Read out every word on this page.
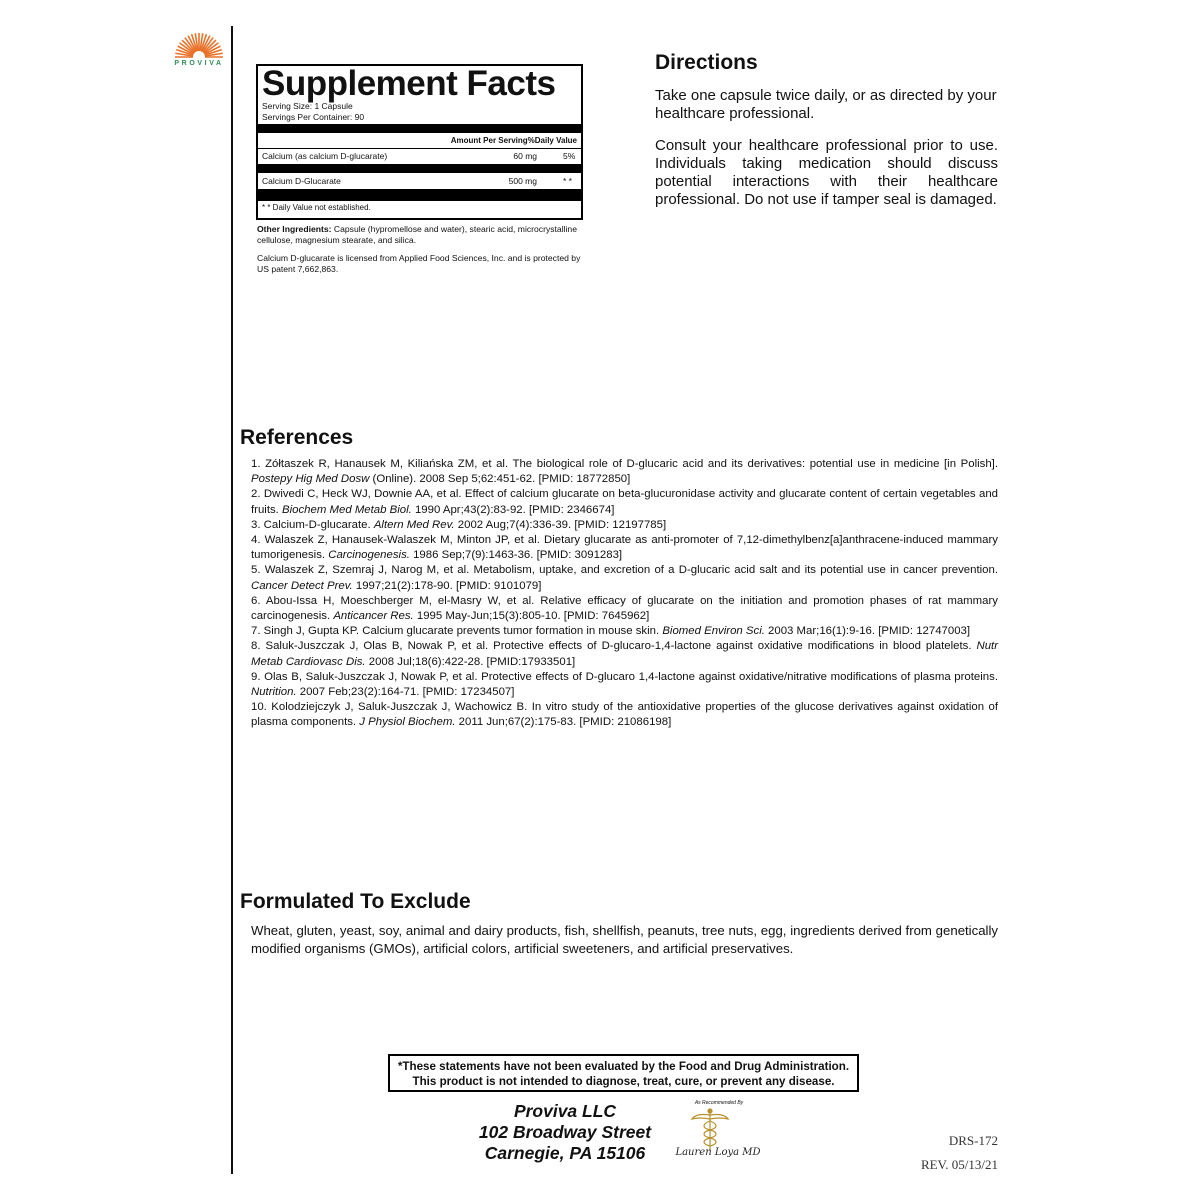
PROVIVA
Supplement Facts
Serving Size: 1 Capsule
Servings Per Container: 90
Amount Per Serving %Daily Value
Calcium (as calcium D-glucarate)	60 mg	5%
Calcium D-Glucarate	500 mg	* *
* * Daily Value not established.
Other Ingredients: Capsule (hypromellose and water), stearic acid, microcrystalline cellulose, magnesium stearate, and silica.
Calcium D-glucarate is licensed from Applied Food Sciences, Inc. and is protected by US patent 7,662,863.
Directions
Take one capsule twice daily, or as directed by your healthcare professional.
Consult your healthcare professional prior to use. Individuals taking medication should discuss potential interactions with their healthcare professional. Do not use if tamper seal is damaged.
References
1. Zółtaszek R, Hanausek M, Kiliańska ZM, et al. The biological role of D-glucaric acid and its derivatives: potential use in medicine [in Polish]. Postepy Hig Med Dosw (Online). 2008 Sep 5;62:451-62. [PMID: 18772850]
2. Dwivedi C, Heck WJ, Downie AA, et al. Effect of calcium glucarate on beta-glucuronidase activity and glucarate content of certain vegetables and fruits. Biochem Med Metab Biol. 1990 Apr;43(2):83-92. [PMID: 2346674]
3. Calcium-D-glucarate. Altern Med Rev. 2002 Aug;7(4):336-39. [PMID: 12197785]
4. Walaszek Z, Hanausek-Walaszek M, Minton JP, et al. Dietary glucarate as anti-promoter of 7,12-dimethylbenz[a]anthracene-induced mammary tumorigenesis. Carcinogenesis. 1986 Sep;7(9):1463-36. [PMID: 3091283]
5. Walaszek Z, Szemraj J, Narog M, et al. Metabolism, uptake, and excretion of a D-glucaric acid salt and its potential use in cancer prevention. Cancer Detect Prev. 1997;21(2):178-90. [PMID: 9101079]
6. Abou-Issa H, Moeschberger M, el-Masry W, et al. Relative efficacy of glucarate on the initiation and promotion phases of rat mammary carcinogenesis. Anticancer Res. 1995 May-Jun;15(3):805-10. [PMID: 7645962]
7. Singh J, Gupta KP. Calcium glucarate prevents tumor formation in mouse skin. Biomed Environ Sci. 2003 Mar;16(1):9-16. [PMID: 12747003]
8. Saluk-Juszczak J, Olas B, Nowak P, et al. Protective effects of D-glucaro-1,4-lactone against oxidative modifications in blood platelets. Nutr Metab Cardiovasc Dis. 2008 Jul;18(6):422-28. [PMID:17933501]
9. Olas B, Saluk-Juszczak J, Nowak P, et al. Protective effects of D-glucaro 1,4-lactone against oxidative/nitrative modifications of plasma proteins. Nutrition. 2007 Feb;23(2):164-71. [PMID: 17234507]
10. Kolodziejczyk J, Saluk-Juszczak J, Wachowicz B. In vitro study of the antioxidative properties of the glucose derivatives against oxidation of plasma components. J Physiol Biochem. 2011 Jun;67(2):175-83. [PMID: 21086198]
Formulated To Exclude
Wheat, gluten, yeast, soy, animal and dairy products, fish, shellfish, peanuts, tree nuts, egg, ingredients derived from genetically modified organisms (GMOs), artificial colors, artificial sweeteners, and artificial preservatives.
*These statements have not been evaluated by the Food and Drug Administration.
This product is not intended to diagnose, treat, cure, or prevent any disease.
Proviva LLC
102 Broadway Street
Carnegie, PA 15106
As Recommended By
Lauren Loya MD
DRS-172
REV. 05/13/21
